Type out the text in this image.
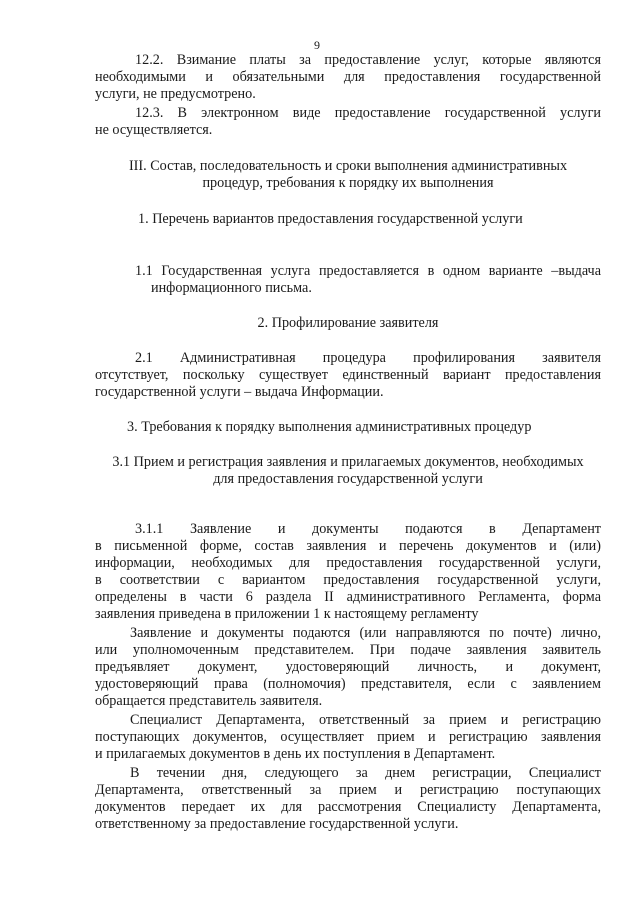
9
12.2. Взимание платы за предоставление услуг, которые являются
необходимыми и обязательными для предоставления государственной
услуги, не предусмотрено.
12.3. В электронном виде предоставление государственной услуги
не осуществляется.
III. Состав, последовательность и сроки выполнения административных
процедур, требования к порядку их выполнения
1. Перечень вариантов предоставления государственной услуги
1.1 Государственная услуга предоставляется в одном варианте –выдача
информационного письма.
2. Профилирование заявителя
2.1 Административная процедура профилирования заявителя
отсутствует, поскольку существует единственный вариант предоставления
государственной услуги – выдача Информации.
3. Требования к порядку выполнения административных процедур
3.1 Прием и регистрация заявления и прилагаемых документов, необходимых
для предоставления государственной услуги
3.1.1 Заявление и документы подаются в Департамент
в письменной форме, состав заявления и перечень документов и (или)
информации, необходимых для предоставления государственной услуги,
в соответствии с вариантом предоставления государственной услуги,
определены в части 6 раздела II административного Регламента, форма
заявления приведена в приложении 1 к настоящему регламенту
Заявление и документы подаются (или направляются по почте) лично,
или уполномоченным представителем. При подаче заявления заявитель
предъявляет документ, удостоверяющий личность, и документ,
удостоверяющий права (полномочия) представителя, если с заявлением
обращается представитель заявителя.
Специалист Департамента, ответственный за прием и регистрацию
поступающих документов, осуществляет прием и регистрацию заявления
и прилагаемых документов в день их поступления в Департамент.
В течении дня, следующего за днем регистрации, Специалист
Департамента, ответственный за прием и регистрацию поступающих
документов передает их для рассмотрения Специалисту Департамента,
ответственному за предоставление государственной услуги.
